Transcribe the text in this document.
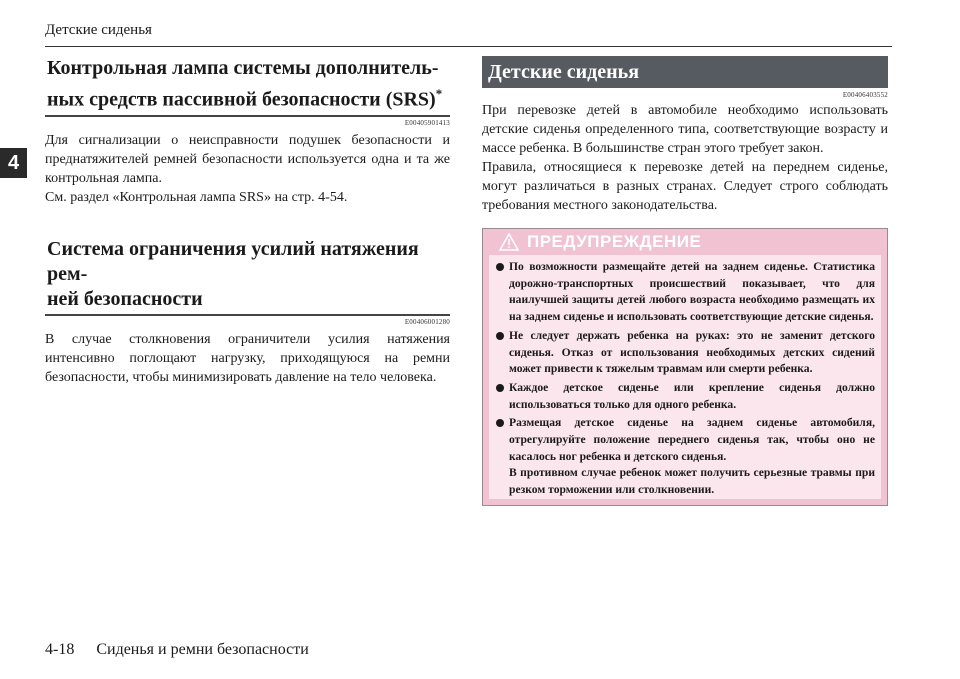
Детские сиденья
4
Контрольная лампа системы дополнитель-
ных средств пассивной безопасности (SRS)*
E00405901413

Для сигнализации о неисправности подушек безопасности и преднатяжителей ремней безопасности используется одна и та же контрольная лампа.

См. раздел «Контрольная лампа SRS» на стр. 4-54.

Система ограничения усилий натяжения рем-
ней безопасности
E00406001280

В случае столкновения ограничители усилия натяжения интенсивно поглощают нагрузку, приходящуюся на ремни безопасности, чтобы минимизировать давление на тело человека.

Детские сиденья
E00406403552

При перевозке детей в автомобиле необходимо использовать детские сиденья определенного типа, соответствующие возрасту и массе ребенка. В большинстве стран этого требует закон.

Правила, относящиеся к перевозке детей на переднем сиденье, могут различаться в разных странах. Следует строго соблюдать требования местного законодательства.

ПРЕДУПРЕЖДЕНИЕ
По возможности размещайте детей на заднем сиденье. Статистика дорожно-транспортных происшествий показывает, что для наилучшей защиты детей любого возраста необходимо размещать их на заднем сиденье и использовать соответствующие детские сиденья.
Не следует держать ребенка на руках: это не заменит детского сиденья. Отказ от использования необходимых детских сидений может привести к тяжелым травмам или смерти ребенка.
Каждое детское сиденье или крепление сиденья должно использоваться только для одного ребенка.
Размещая детское сиденье на заднем сиденье автомобиля, отрегулируйте положение переднего сиденья так, чтобы оно не касалось ног ребенка и детского сиденья.
В противном случае ребенок может получить серьезные травмы при резком торможении или столкновении.
4-18 Сиденья и ремни безопасности
